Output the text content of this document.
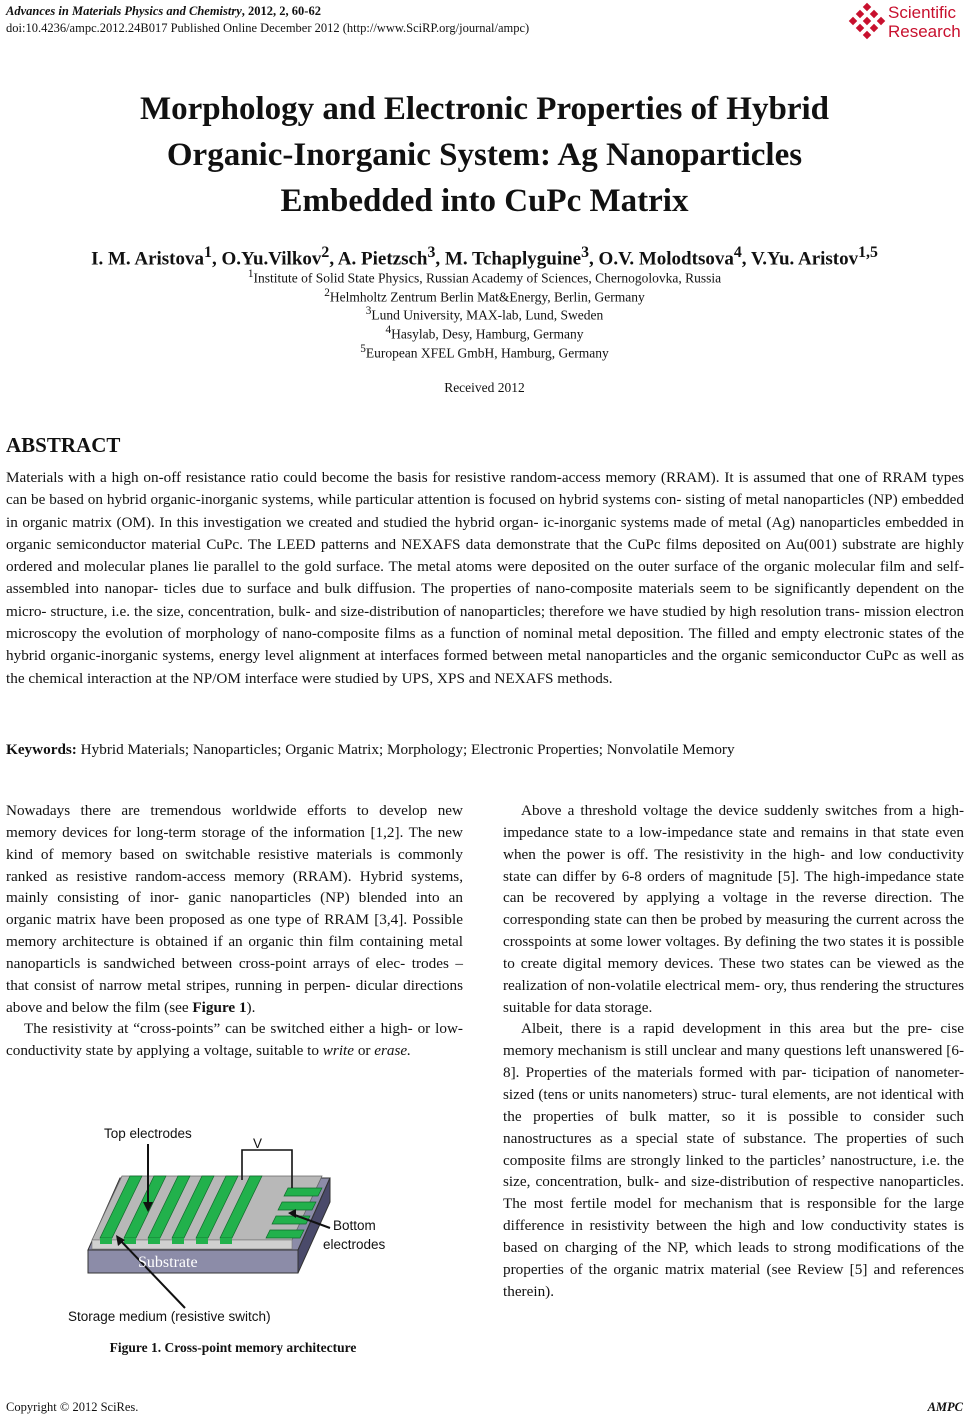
Advances in Materials Physics and Chemistry, 2012, 2, 60-62
doi:10.4236/ampc.2012.24B017 Published Online December 2012 (http://www.SciRP.org/journal/ampc)
Scientific
Research
Morphology and Electronic Properties of Hybrid
Organic-Inorganic System: Ag Nanoparticles
Embedded into CuPc Matrix
I. M. Aristova$^1$, O.Yu.Vilkov$^2$, A. Pietzsch$^3$, M. Tchaplyguine$^3$, O.V. Molodtsova$^4$, V.Yu. Aristov$^{1,5}$
$^1$Institute of Solid State Physics, Russian Academy of Sciences, Chernogolovka, Russia
$^2$Helmholtz Zentrum Berlin Mat&Energy, Berlin, Germany
$^3$Lund University, MAX-lab, Lund, Sweden
$^4$Hasylab, Desy, Hamburg, Germany
$^5$European XFEL GmbH, Hamburg, Germany
Received 2012
ABSTRACT
Materials with a high on-off resistance ratio could become the basis for resistive random-access memory (RRAM). It is assumed that one of RRAM types can be based on hybrid organic-inorganic systems, while particular attention is focused on hybrid systems con- sisting of metal nanoparticles (NP) embedded in organic matrix (OM). In this investigation we created and studied the hybrid organ- ic-inorganic systems made of metal (Ag) nanoparticles embedded in organic semiconductor material CuPc. The LEED patterns and NEXAFS data demonstrate that the CuPc films deposited on Au(001) substrate are highly ordered and molecular planes lie parallel to the gold surface. The metal atoms were deposited on the outer surface of the organic molecular film and self-assembled into nanopar- ticles due to surface and bulk diffusion. The properties of nano-composite materials seem to be significantly dependent on the micro- structure, i.e. the size, concentration, bulk- and size-distribution of nanoparticles; therefore we have studied by high resolution trans- mission electron microscopy the evolution of morphology of nano-composite films as a function of nominal metal deposition. The filled and empty electronic states of the hybrid organic-inorganic systems, energy level alignment at interfaces formed between metal nanoparticles and the organic semiconductor CuPc as well as the chemical interaction at the NP/OM interface were studied by UPS, XPS and NEXAFS methods.
Keywords: Hybrid Materials; Nanoparticles; Organic Matrix; Morphology; Electronic Properties; Nonvolatile Memory

Nowadays there are tremendous worldwide efforts to develop new memory devices for long-term storage of the information [1,2]. The new kind of memory based on switchable resistive materials is commonly ranked as resistive random-access memory (RRAM). Hybrid systems, mainly consisting of inor- ganic nanoparticles (NP) blended into an organic matrix have been proposed as one type of RRAM [3,4]. Possible memory architecture is obtained if an organic thin film containing metal nanoparticls is sandwiched between cross-point arrays of elec- trodes – that consist of narrow metal stripes, running in perpen- dicular directions above and below the film (see Figure 1).

The resistivity at “cross-points” can be switched either a high- or low-conductivity state by applying a voltage, suitable to write or erase.

Top electrodes
V
Bottom
electrodes
Substrate
Storage medium (resistive switch)
Figure 1. Cross-point memory architecture

Above a threshold voltage the device suddenly switches from a high-impedance state to a low-impedance state and remains in that state even when the power is off. The resistivity in the high- and low conductivity state can differ by 6-8 orders of magnitude [5]. The high-impedance state can be recovered by applying a voltage in the reverse direction. The corresponding state can then be probed by measuring the current across the crosspoints at some lower voltages. By defining the two states it is possible to create digital memory devices. These two states can be viewed as the realization of non-volatile electrical mem- ory, thus rendering the structures suitable for data storage.

Albeit, there is a rapid development in this area but the pre- cise memory mechanism is still unclear and many questions left unanswered [6-8]. Properties of the materials formed with par- ticipation of nanometer-sized (tens or units nanometers) struc- tural elements, are not identical with the properties of bulk matter, so it is possible to consider such nanostructures as a special state of substance. The properties of such composite films are strongly linked to the particles’ nanostructure, i.e. the size, concentration, bulk- and size-distribution of respective nanoparticles. The most fertile model for mechanism that is responsible for the large difference in resistivity between the high and low conductivity states is based on charging of the NP, which leads to strong modifications of the properties of the organic matrix material (see Review [5] and references therein).

Copyright © 2012 SciRes.	AMPC
